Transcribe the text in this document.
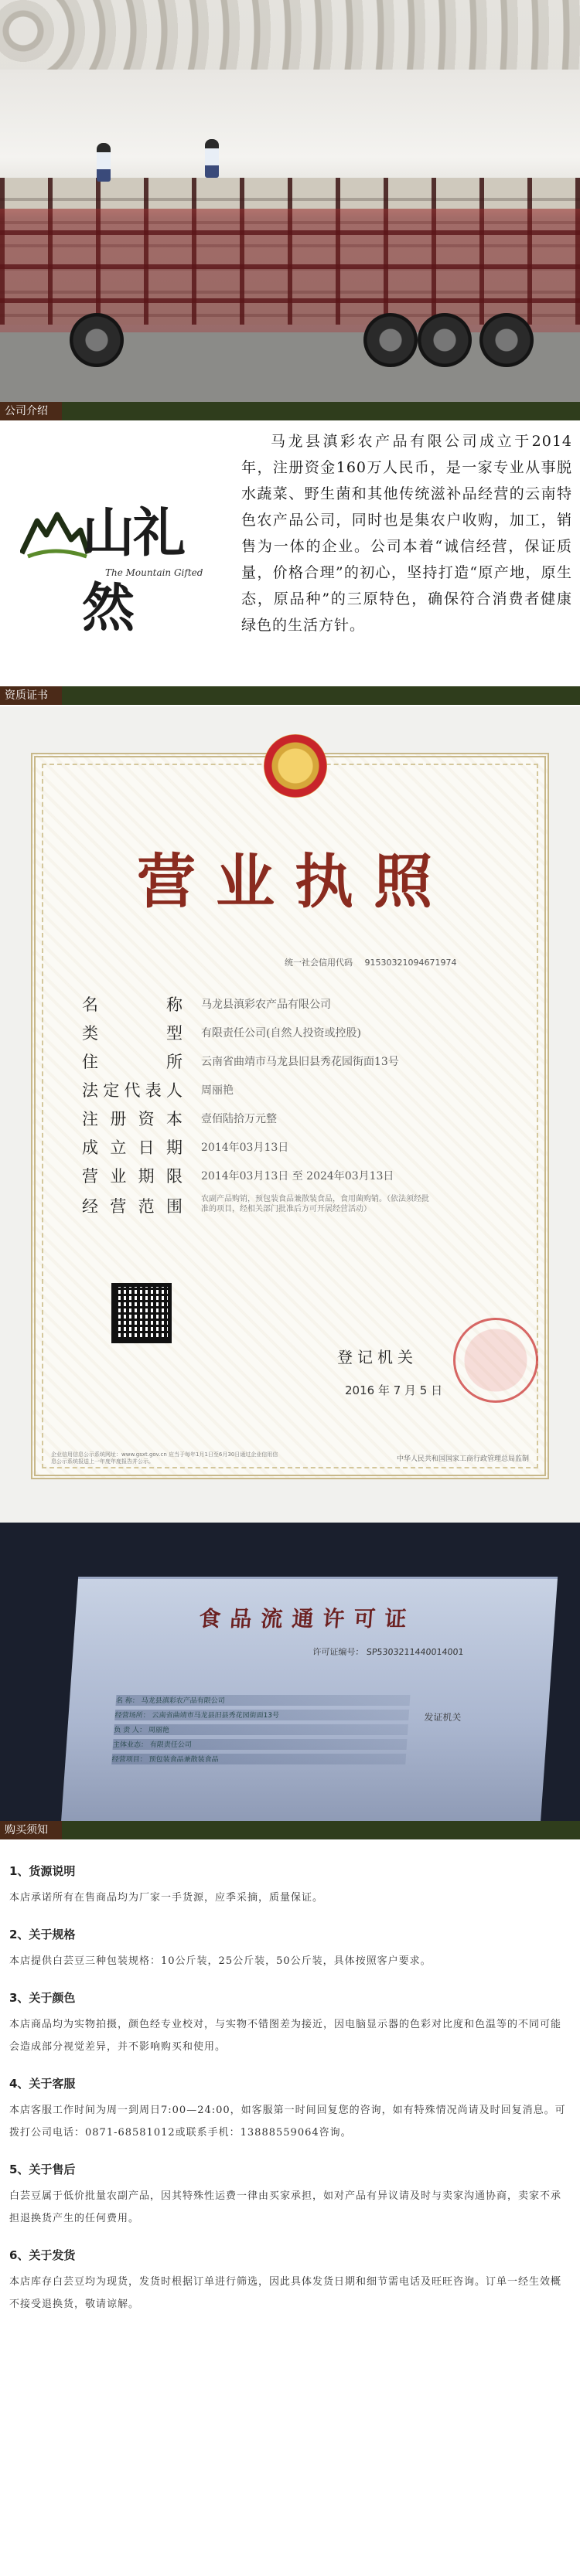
公司介绍
山礼然
The Mountain Gifted

马龙县滇彩农产品有限公司成立于2014年，注册资金160万人民币，是一家专业从事脱水蔬菜、野生菌和其他传统滋补品经营的云南特色农产品公司，同时也是集农户收购，加工，销售为一体的企业。公司本着“诚信经营，保证质量，价格合理”的初心，坚持打造“原产地，原生态，原品种”的三原特色，确保符合消费者健康绿色的生活方针。

资质证书
营业执照
统一社会信用代码 91530321094671974
名称 马龙县滇彩农产品有限公司
类型 有限责任公司(自然人投资或控股)
住所 云南省曲靖市马龙县旧县秀花园街面13号
法定代表人 周丽艳
注册资本 壹佰陆拾万元整
成立日期 2014年03月13日
营业期限 2014年03月13日 至 2024年03月13日
经营范围 农副产品购销，预包装食品兼散装食品，食用菌购销。（依法须经批准的项目，经相关部门批准后方可开展经营活动）
登记机关
2016 年 7 月 5 日
企业信用信息公示系统网址：www.gsxt.gov.cn 应当于每年1月1日至6月30日通过企业信用信息公示系统报送上一年度年度报告并公示。	中华人民共和国国家工商行政管理总局监制
食品流通许可证
许可证编号： SP5303211440014001
名 称： 马龙县滇彩农产品有限公司
经营场所： 云南省曲靖市马龙县旧县秀花园街面13号
负 责 人： 周丽艳
主体业态： 有限责任公司
经营项目： 预包装食品兼散装食品
发证机关
购买须知
1、货源说明

本店承诺所有在售商品均为厂家一手货源，应季采摘，质量保证。

2、关于规格

本店提供白芸豆三种包装规格：10公斤装，25公斤装，50公斤装，具体按照客户要求。

3、关于颜色

本店商品均为实物拍摄，颜色经专业校对，与实物不错图差为接近，因电脑显示器的色彩对比度和色温等的不同可能会造成部分视觉差异，并不影响购买和使用。

4、关于客服

本店客服工作时间为周一到周日7:00—24:00，如客服第一时间回复您的咨询，如有特殊情况尚请及时回复消息。可拨打公司电话：0871-68581012或联系手机：13888559064咨询。

5、关于售后

白芸豆属于低价批量农副产品，因其特殊性运费一律由买家承担，如对产品有异议请及时与卖家沟通协商，卖家不承担退换货产生的任何费用。

6、关于发货

本店库存白芸豆均为现货，发货时根据订单进行筛选，因此具体发货日期和细节需电话及旺旺咨询。订单一经生效概不接受退换货，敬请谅解。
